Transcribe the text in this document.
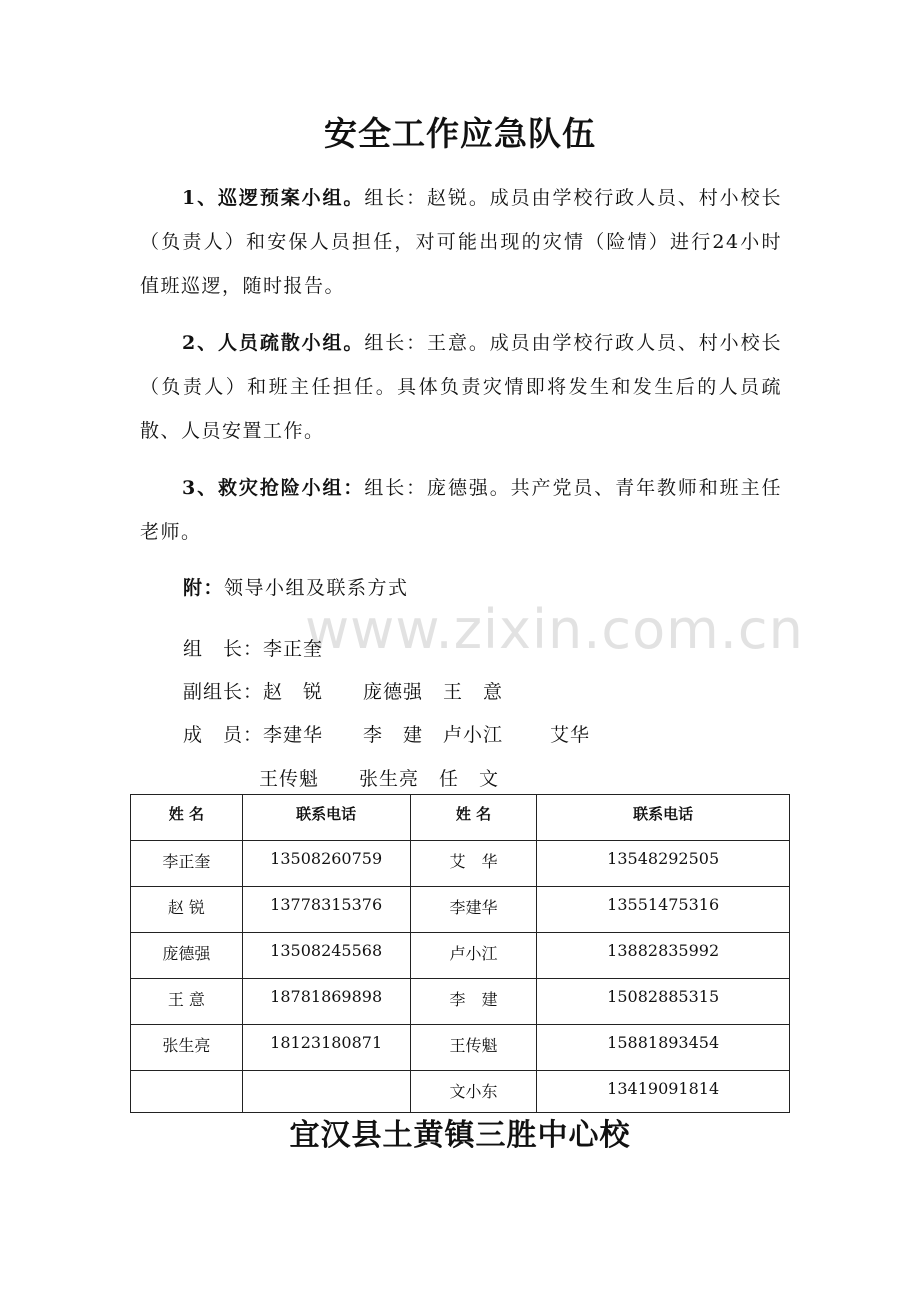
安全工作应急队伍
1、巡逻预案小组。组长：赵锐。成员由学校行政人员、村小校长（负责人）和安保人员担任，对可能出现的灾情（险情）进行24小时值班巡逻，随时报告。
2、人员疏散小组。组长：王意。成员由学校行政人员、村小校长（负责人）和班主任担任。具体负责灾情即将发生和发生后的人员疏散、人员安置工作。
3、救灾抢险小组：组长：庞德强。共产党员、青年教师和班主任老师。
附：领导小组及联系方式
www.zixin.com.cn
组　长：李正奎
副组长：赵　锐　　庞德强　王　意
成　员：李建华　　李　建　卢小江　　 艾华
王传魁　　张生亮　任　文
姓 名	联系电话	姓 名	联系电话
李正奎	13508260759	艾　华	13548292505
赵 锐	13778315376	李建华	13551475316
庞德强	13508245568	卢小江	13882835992
王 意	18781869898	李　建	15082885315
张生亮	18123180871	王传魁	15881893454
		文小东	13419091814
宜汉县土黄镇三胜中心校
